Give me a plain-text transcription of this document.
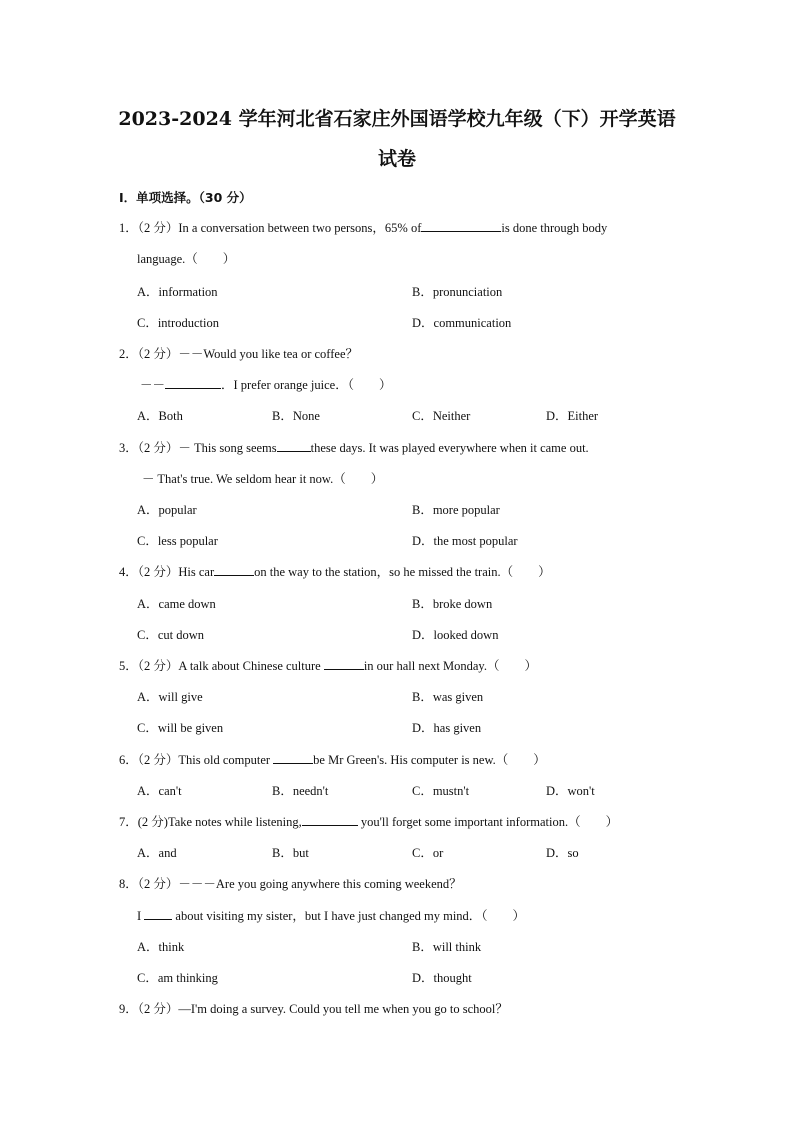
2023-2024 学年河北省石家庄外国语学校九年级（下）开学英语
试卷
Ⅰ．单项选择。（30 分）
1．（2 分）In a conversation between two persons，65% of	is done through body
language.（　　）
A．information	B．pronunciation
C．introduction	D．communication
2．（2 分）－－Would you like tea or coffee？
－－	．I prefer orange juice．（　　）
A．Both	B．None	C．Neither	D．Either
3．（2 分）－ This song seems	these days. It was played everywhere when it came out.
－ That's true. We seldom hear it now.（　　）
A．popular	B．more popular
C．less popular	D．the most popular
4．（2 分）His car	on the way to the station，so he missed the train.（　　）
A．came down	B．broke down
C．cut down	D．looked down
5．（2 分）A talk about Chinese culture	in our hall next Monday.（　　）
A．will give	B．was given
C．will be given	D．has given
6．（2 分）This old computer	be Mr Green's. His computer is new.（　　）
A．can't	B．needn't	C．mustn't	D．won't
7．(2 分)Take notes while listening,	you'll forget some important information.（　　）
A．and	B．but	C．or	D．so
8．（2 分）－－－Are you going anywhere this coming weekend？
I	about visiting my sister，but I have just changed my mind．（　　）
A．think	B．will think
C．am thinking	D．thought
9．（2 分）—I'm doing a survey. Could you tell me when you go to school？
